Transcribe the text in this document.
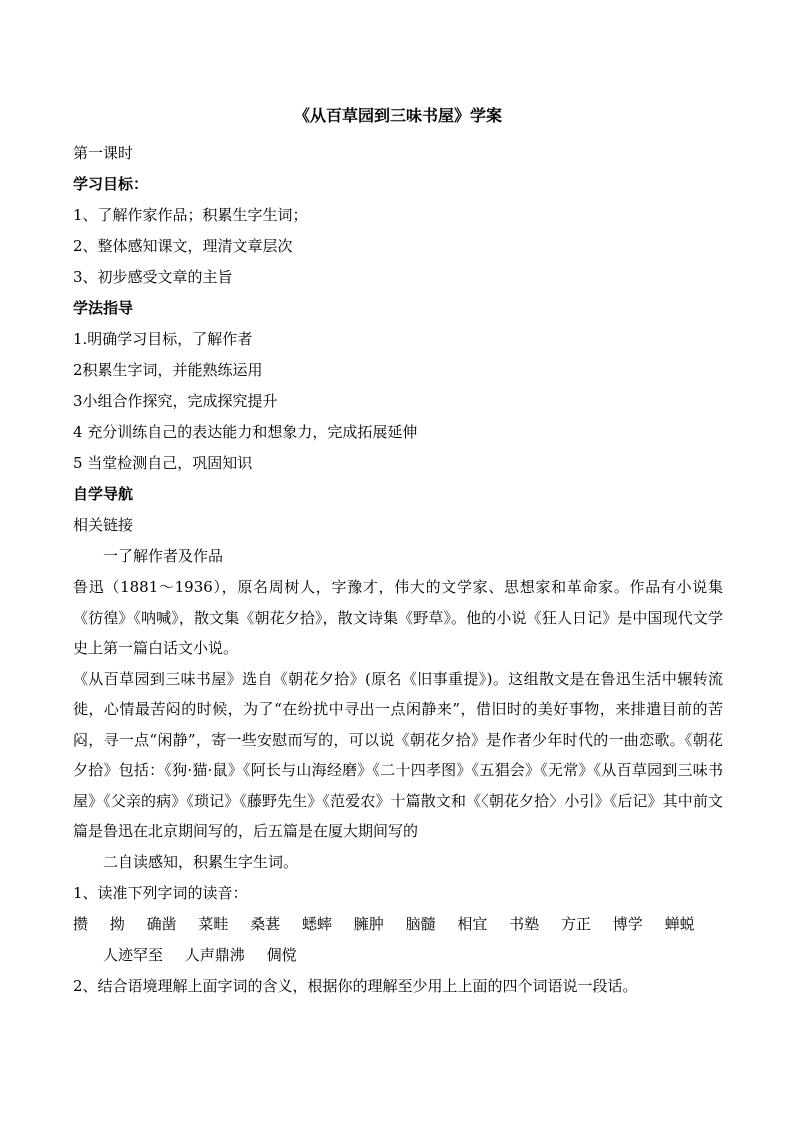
《从百草园到三味书屋》学案
第一课时
学习目标：
1、了解作家作品；积累生字生词；
2、整体感知课文，理清文章层次
3、初步感受文章的主旨
学法指导
1.明确学习目标，了解作者
2积累生字词，并能熟练运用
3小组合作探究，完成探究提升
4 充分训练自己的表达能力和想象力，完成拓展延伸
5 当堂检测自己，巩固知识
自学导航
相关链接
一了解作者及作品
鲁迅（1881～1936），原名周树人，字豫才，伟大的文学家、思想家和革命家。作品有小说集《彷徨》《呐喊》，散文集《朝花夕拾》，散文诗集《野草》。他的小说《狂人日记》是中国现代文学史上第一篇白话文小说。
《从百草园到三味书屋》选自《朝花夕拾》(原名《旧事重提》)。这组散文是在鲁迅生活中辗转流徙，心情最苦闷的时候，为了“在纷扰中寻出一点闲静来”，借旧时的美好事物，来排遣目前的苦闷，寻一点“闲静”，寄一些安慰而写的，可以说《朝花夕拾》是作者少年时代的一曲恋歌。《朝花夕拾》包括：《狗·猫·鼠》《阿长与山海经磨》《二十四孝图》《五猖会》《无常》《从百草园到三味书屋》《父亲的病》《琐记》《藤野先生》《范爱农》十篇散文和《〈朝花夕拾〉小引》《后记》其中前文篇是鲁迅在北京期间写的，后五篇是在厦大期间写的
二自读感知，积累生字生词。
1、读准下列字词的读音：
攒 拗 确凿 菜畦 桑葚 蟋蟀 臃肿 脑髓 相宜 书塾 方正 博学 蝉蜕
人迹罕至 人声鼎沸 倜傥
2、结合语境理解上面字词的含义，根据你的理解至少用上上面的四个词语说一段话。
